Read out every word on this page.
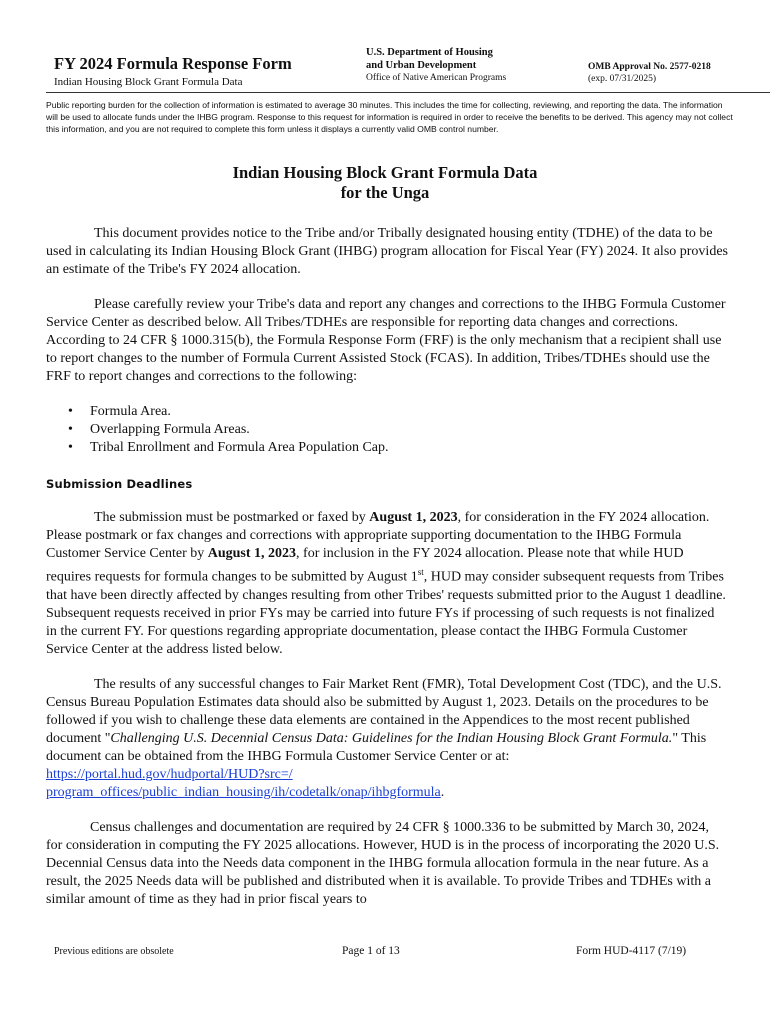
FY 2024 Formula Response Form
Indian Housing Block Grant Formula Data
U.S. Department of Housing
and Urban Development
Office of Native American Programs
OMB Approval No. 2577-0218
(exp. 07/31/2025)
Public reporting burden for the collection of information is estimated to average 30 minutes. This includes the time for collecting, reviewing, and reporting the data. The information will be used to allocate funds under the IHBG program. Response to this request for information is required in order to receive the benefits to be derived. This agency may not collect this information, and you are not required to complete this form unless it displays a currently valid OMB control number.
Indian Housing Block Grant Formula Data
for the Unga

This document provides notice to the Tribe and/or Tribally designated housing entity (TDHE) of the data to be used in calculating its Indian Housing Block Grant (IHBG) program allocation for Fiscal Year (FY) 2024. It also provides an estimate of the Tribe's FY 2024 allocation.

Please carefully review your Tribe's data and report any changes and corrections to the IHBG Formula Customer Service Center as described below. All Tribes/TDHEs are responsible for reporting data changes and corrections. According to 24 CFR § 1000.315(b), the Formula Response Form (FRF) is the only mechanism that a recipient shall use to report changes to the number of Formula Current Assisted Stock (FCAS). In addition, Tribes/TDHEs should use the FRF to report changes and corrections to the following:

• Formula Area.
• Overlapping Formula Areas.
• Tribal Enrollment and Formula Area Population Cap.

Submission Deadlines

The submission must be postmarked or faxed by August 1, 2023, for consideration in the FY 2024 allocation. Please postmark or fax changes and corrections with appropriate supporting documentation to the IHBG Formula Customer Service Center by August 1, 2023, for inclusion in the FY 2024 allocation. Please note that while HUD requires requests for formula changes to be submitted by August 1st, HUD may consider subsequent requests from Tribes that have been directly affected by changes resulting from other Tribes' requests submitted prior to the August 1 deadline. Subsequent requests received in prior FYs may be carried into future FYs if processing of such requests is not finalized in the current FY. For questions regarding appropriate documentation, please contact the IHBG Formula Customer Service Center at the address listed below.

The results of any successful changes to Fair Market Rent (FMR), Total Development Cost (TDC), and the U.S. Census Bureau Population Estimates data should also be submitted by August 1, 2023. Details on the procedures to be followed if you wish to challenge these data elements are contained in the Appendices to the most recent published document "Challenging U.S. Decennial Census Data: Guidelines for the Indian Housing Block Grant Formula." This document can be obtained from the IHBG Formula Customer Service Center or at: https://portal.hud.gov/hudportal/HUD?src=/
program_offices/public_indian_housing/ih/codetalk/onap/ihbgformula.

Census challenges and documentation are required by 24 CFR § 1000.336 to be submitted by March 30, 2024, for consideration in computing the FY 2025 allocations. However, HUD is in the process of incorporating the 2020 U.S. Decennial Census data into the Needs data component in the IHBG formula allocation formula in the near future. As a result, the 2025 Needs data will be published and distributed when it is available. To provide Tribes and TDHEs with a similar amount of time as they had in prior fiscal years to

Previous editions are obsolete	Page 1 of 13	Form HUD-4117 (7/19)
